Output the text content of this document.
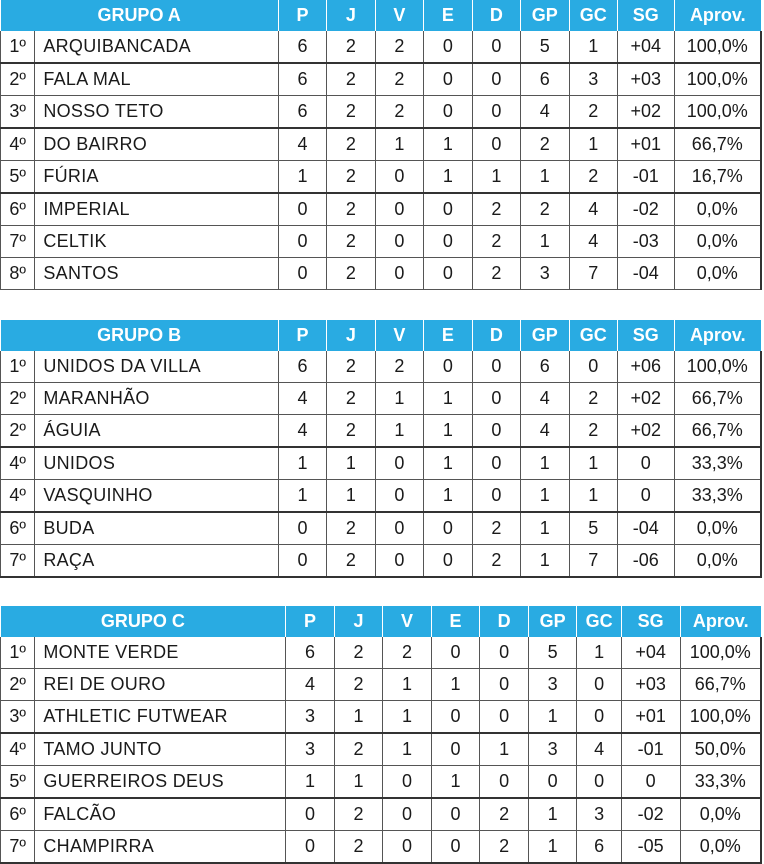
GRUPO A		P	J	V	E	D	GP	GC	SG	Aprov.
1º	ARQUIBANCADA	6	2	2	0	0	5	1	+04	100,0%
2º	FALA MAL	6	2	2	0	0	6	3	+03	100,0%
3º	NOSSO TETO	6	2	2	0	0	4	2	+02	100,0%
4º	DO BAIRRO	4	2	1	1	0	2	1	+01	66,7%
5º	FÚRIA	1	2	0	1	1	1	2	-01	16,7%
6º	IMPERIAL	0	2	0	0	2	2	4	-02	0,0%
7º	CELTIK	0	2	0	0	2	1	4	-03	0,0%
8º	SANTOS	0	2	0	0	2	3	7	-04	0,0%
GRUPO B		P	J	V	E	D	GP	GC	SG	Aprov.
1º	UNIDOS DA VILLA	6	2	2	0	0	6	0	+06	100,0%
2º	MARANHÃO	4	2	1	1	0	4	2	+02	66,7%
2º	ÁGUIA	4	2	1	1	0	4	2	+02	66,7%
4º	UNIDOS	1	1	0	1	0	1	1	0	33,3%
4º	VASQUINHO	1	1	0	1	0	1	1	0	33,3%
6º	BUDA	0	2	0	0	2	1	5	-04	0,0%
7º	RAÇA	0	2	0	0	2	1	7	-06	0,0%
GRUPO C		P	J	V	E	D	GP	GC	SG	Aprov.
1º	MONTE VERDE	6	2	2	0	0	5	1	+04	100,0%
2º	REI DE OURO	4	2	1	1	0	3	0	+03	66,7%
3º	ATHLETIC FUTWEAR	3	1	1	0	0	1	0	+01	100,0%
4º	TAMO JUNTO	3	2	1	0	1	3	4	-01	50,0%
5º	GUERREIROS DEUS	1	1	0	1	0	0	0	0	33,3%
6º	FALCÃO	0	2	0	0	2	1	3	-02	0,0%
7º	CHAMPIRRA	0	2	0	0	2	1	6	-05	0,0%
